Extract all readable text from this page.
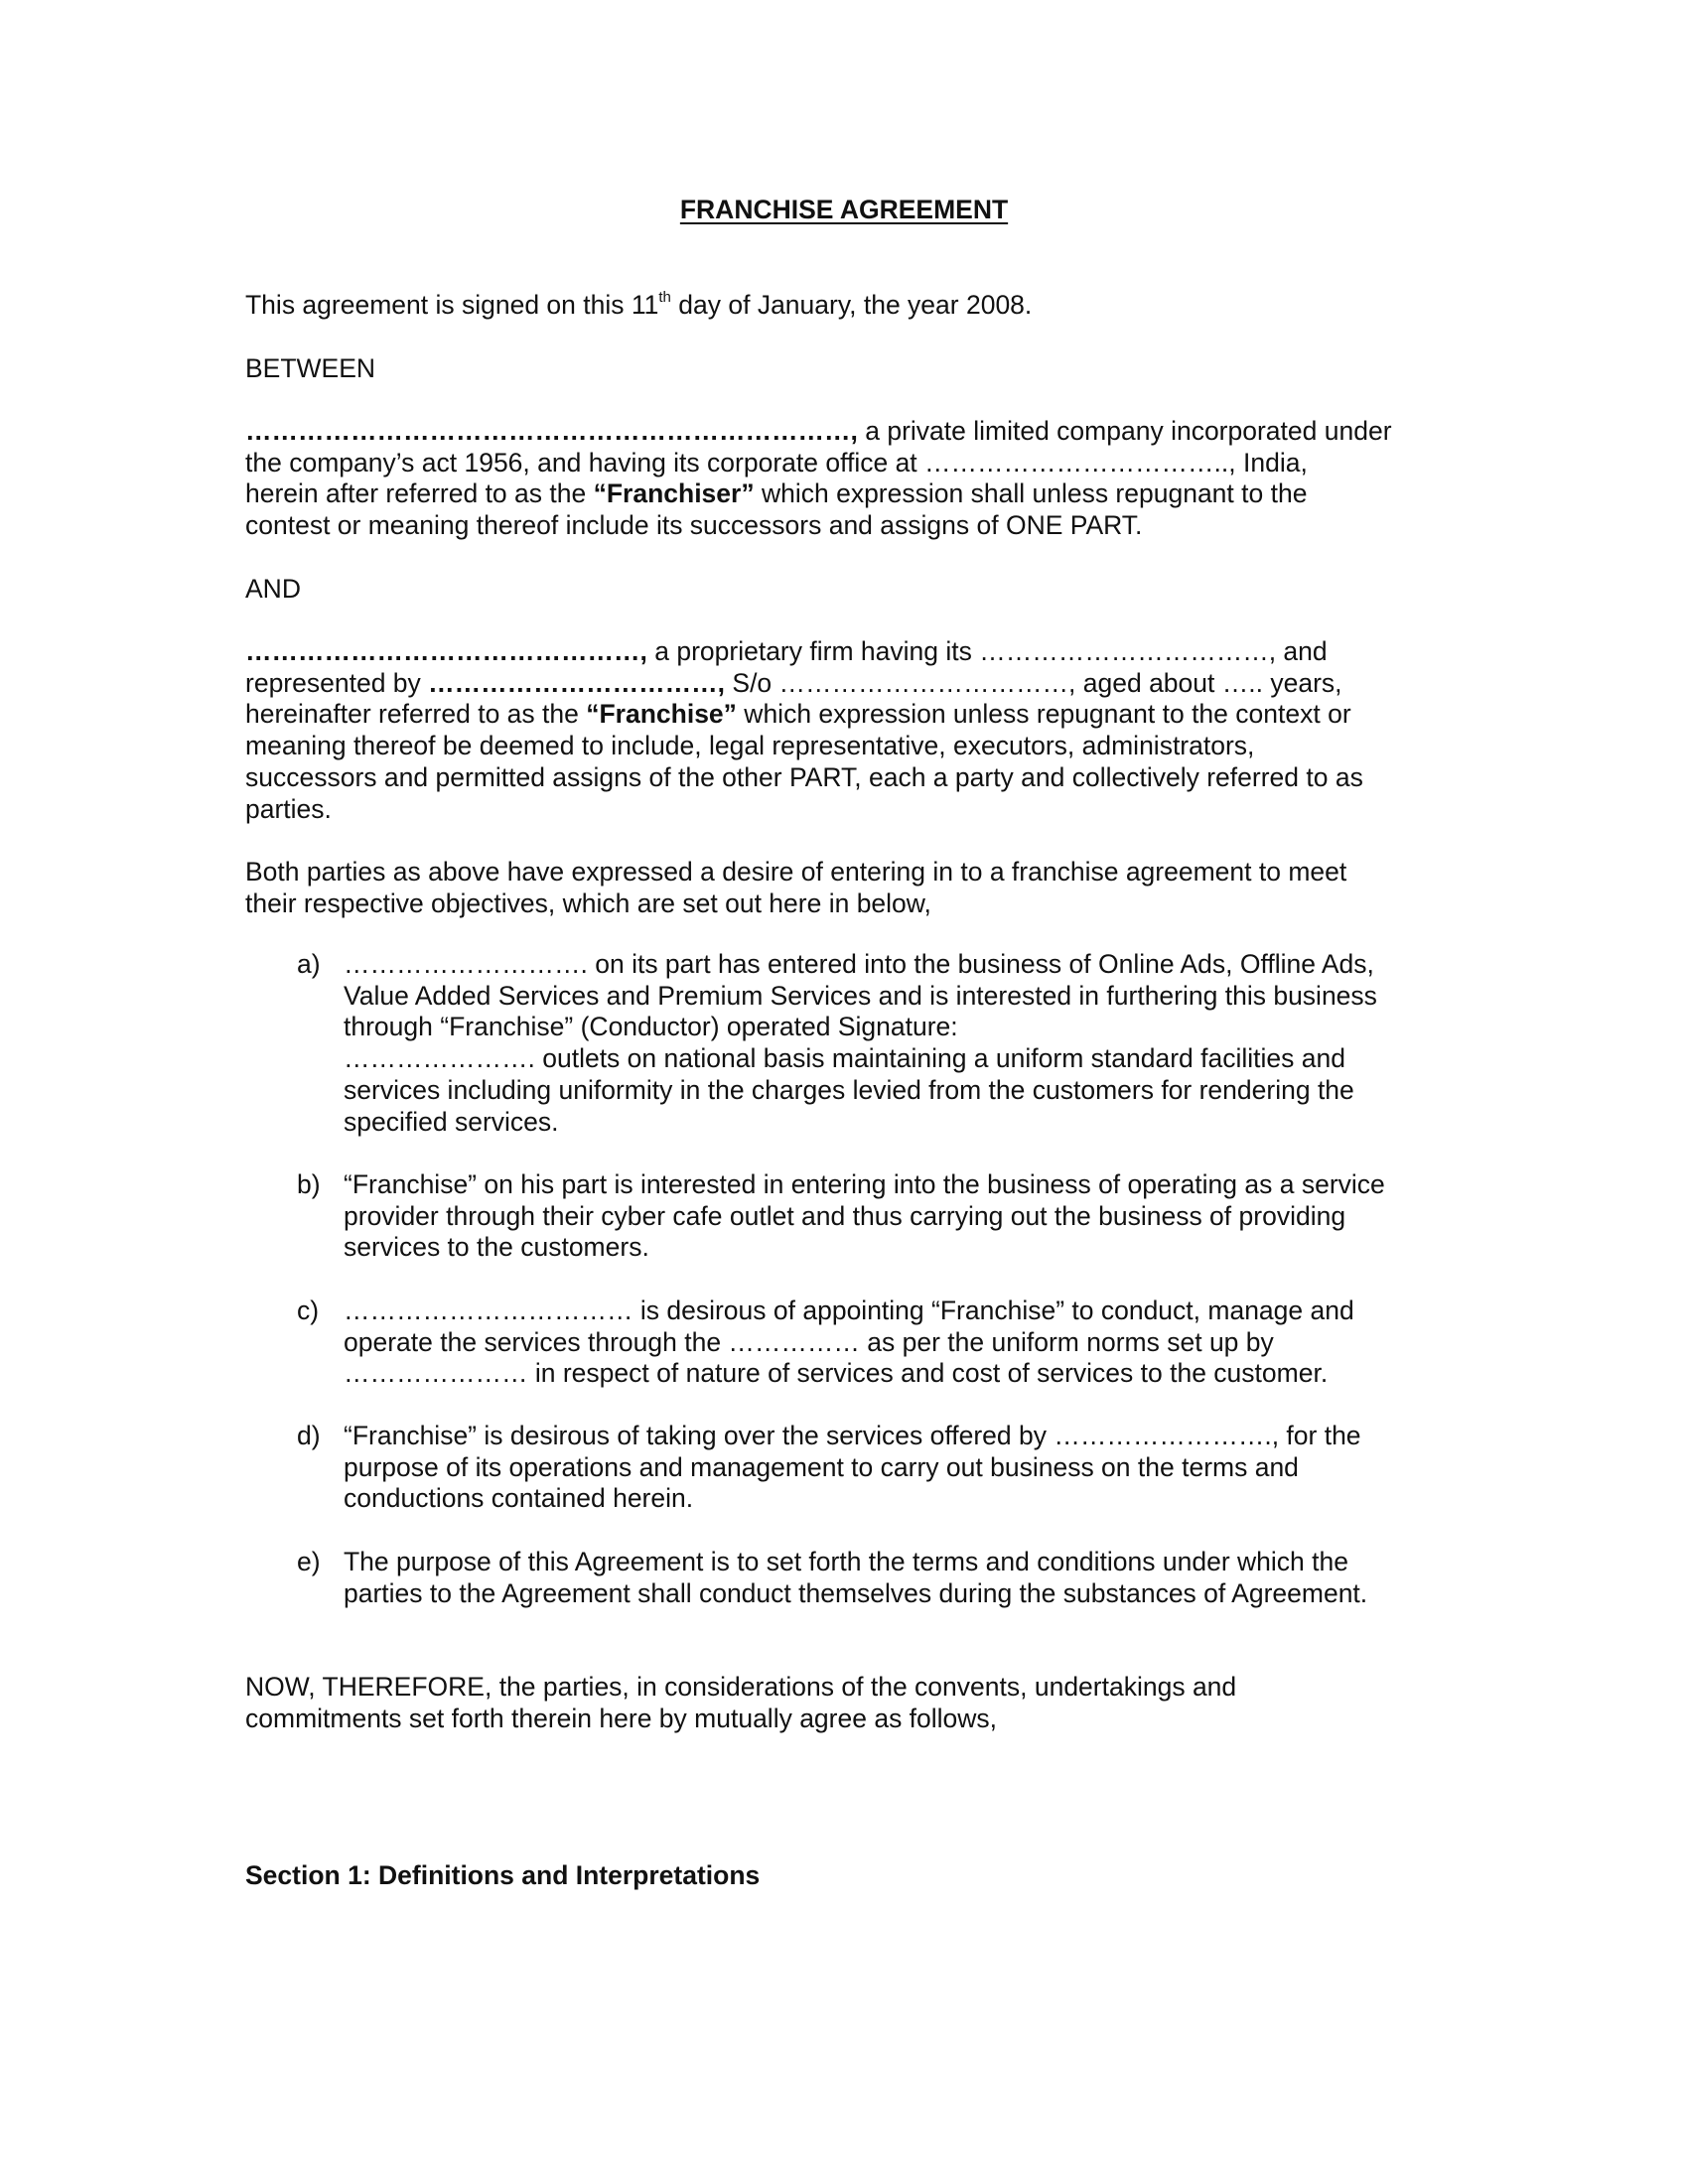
FRANCHISE AGREEMENT
This agreement is signed on this 11th day of January, the year 2008.
BETWEEN

……………………………………………………………, a private limited company incorporated under

the company’s act 1956, and having its corporate office at …………………………….., India,

herein after referred to as the “Franchiser” which expression shall unless repugnant to the

contest or meaning thereof include its successors and assigns of ONE PART.

AND

………………………………………, a proprietary firm having its ……………………………, and

represented by ……………………………, S/o ……………………………, aged about ….. years,

hereinafter referred to as the “Franchise” which expression unless repugnant to the context or

meaning thereof be deemed to include, legal representative, executors, administrators,

successors and permitted assigns of the other PART, each a party and collectively referred to as

parties.

Both parties as above have expressed a desire of entering in to a franchise agreement to meet

their respective objectives, which are set out here in below,

a) ………………………. on its part has entered into the business of Online Ads, Offline Ads,

Value Added Services and Premium Services and is interested in furthering this business

through “Franchise” (Conductor) operated Signature:

…………………. outlets on national basis maintaining a uniform standard facilities and

services including uniformity in the charges levied from the customers for rendering the

specified services.

b) “Franchise” on his part is interested in entering into the business of operating as a service

provider through their cyber cafe outlet and thus carrying out the business of providing

services to the customers.

c) …………………………… is desirous of appointing “Franchise” to conduct, manage and

operate the services through the …………… as per the uniform norms set up by

………………… in respect of nature of services and cost of services to the customer.

d) “Franchise” is desirous of taking over the services offered by ……………………., for the

purpose of its operations and management to carry out business on the terms and

conductions contained herein.

e) The purpose of this Agreement is to set forth the terms and conditions under which the

parties to the Agreement shall conduct themselves during the substances of Agreement.

NOW, THEREFORE, the parties, in considerations of the convents, undertakings and

commitments set forth therein here by mutually agree as follows,

Section 1: Definitions and Interpretations
